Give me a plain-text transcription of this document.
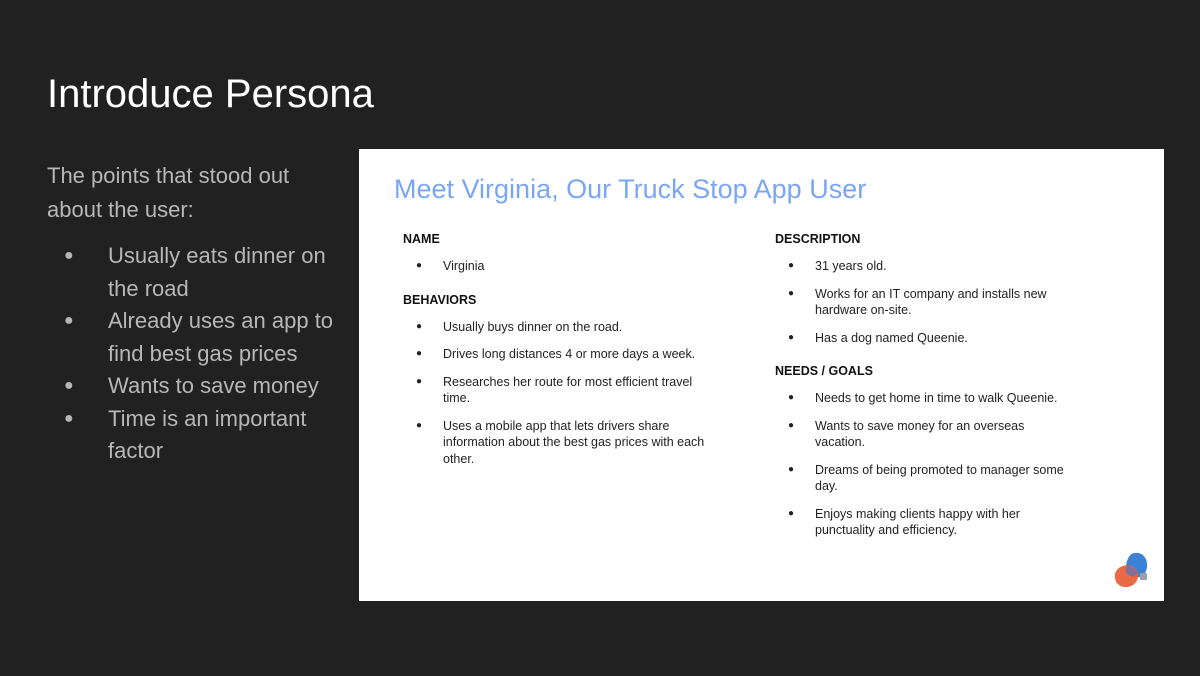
Introduce Persona

The points that stood out about the user:

● Usually eats dinner on the road
● Already uses an app to find best gas prices
● Wants to save money
● Time is an important factor
Meet Virginia, Our Truck Stop App User
NAME
● Virginia
BEHAVIORS
● Usually buys dinner on the road.
● Drives long distances 4 or more days a week.
● Researches her route for most efficient travel time.
● Uses a mobile app that lets drivers share information about the best gas prices with each other.
DESCRIPTION
● 31 years old.
● Works for an IT company and installs new hardware on-site.
● Has a dog named Queenie.
NEEDS / GOALS
● Needs to get home in time to walk Queenie.
● Wants to save money for an overseas vacation.
● Dreams of being promoted to manager some day.
● Enjoys making clients happy with her punctuality and efficiency.
